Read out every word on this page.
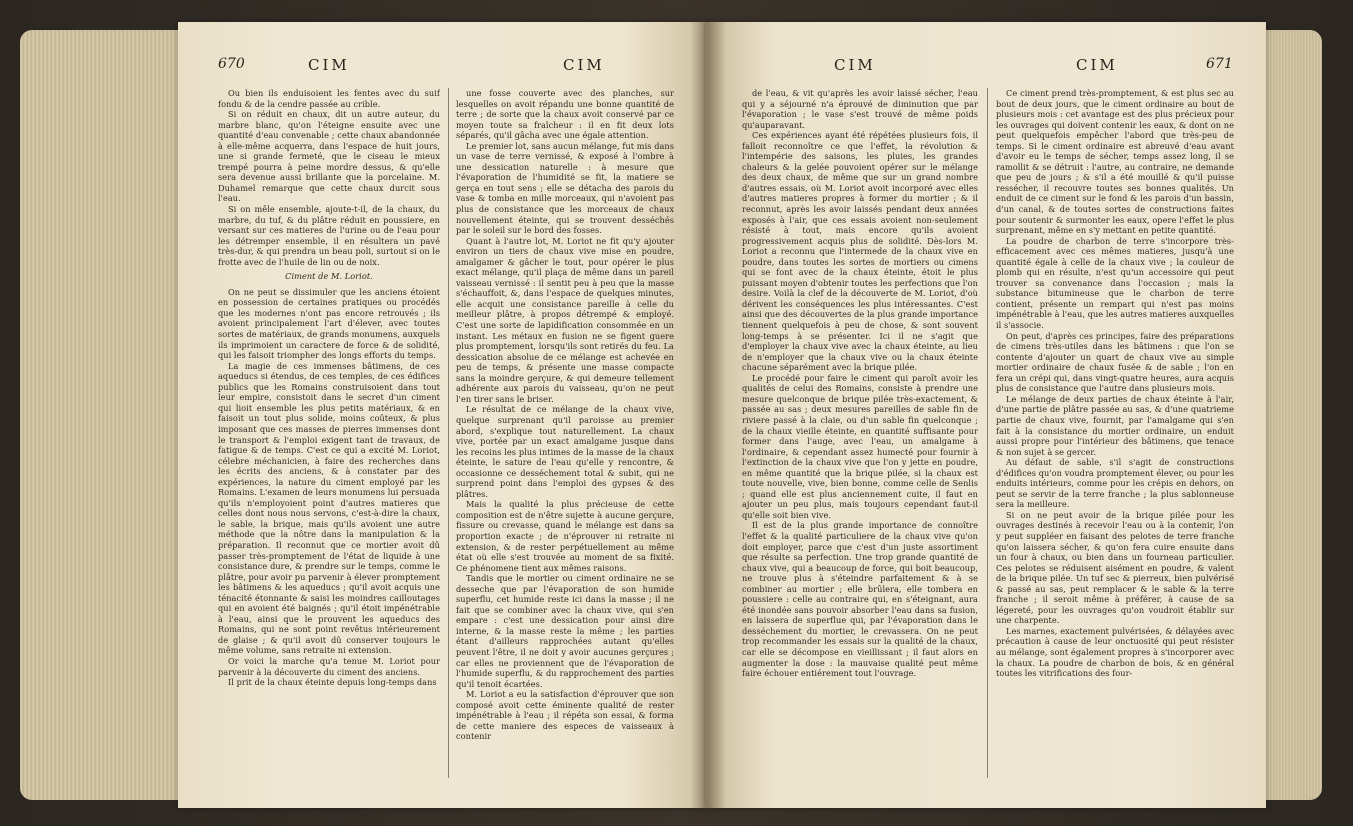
670	CIM	CIM

Ou bien ils enduisoient les fentes avec du suif fondu & de la cendre passée au crible.

Si on réduit en chaux, dit un autre auteur, du marbre blanc, qu'on l'éteigne ensuite avec une quantité d'eau convenable ; cette chaux abandonnée à elle-même acquerra, dans l'espace de huit jours, une si grande fermeté, que le ciseau le mieux trempé pourra à peine mordre dessus, & qu'elle sera devenue aussi brillante que la porcelaine. M. Duhamel remarque que cette chaux durcit sous l'eau.

Si on mêle ensemble, ajoute-t-il, de la chaux, du marbre, du tuf, & du plâtre réduit en poussiere, en versant sur ces matieres de l'urine ou de l'eau pour les détremper ensemble, il en résultera un pavé très-dur, & qui prendra un beau poli, surtout si on le frotte avec de l'huile de lin ou de noix.

Ciment de M. Loriot.

On ne peut se dissimuler que les anciens étoient en possession de certaines pratiques ou procédés que les modernes n'ont pas encore retrouvés ; ils avoient principalement l'art d'élever, avec toutes sortes de matériaux, de grands monumens, auxquels ils imprimoient un caractere de force & de solidité, qui les faisoit triompher des longs efforts du temps.

La magie de ces immenses bâtimens, de ces aqueducs si étendus, de ces temples, de ces édifices publics que les Romains construisoient dans tout leur empire, consistoit dans le secret d'un ciment qui lioit ensemble les plus petits matériaux, & en faisoit un tout plus solide, moins coûteux, & plus imposant que ces masses de pierres immenses dont le transport & l'emploi exigent tant de travaux, de fatigue & de temps. C'est ce qui a excité M. Loriot, célebre méchanicien, à faire des recherches dans les écrits des anciens, & à constater par des expériences, la nature du ciment employé par les Romains. L'examen de leurs monumens lui persuada qu'ils n'employoient point d'autres matieres que celles dont nous nous servons, c'est-à-dire la chaux, le sable, la brique, mais qu'ils avoient une autre méthode que la nôtre dans la manipulation & la préparation. Il reconnut que ce mortier avoit dû passer très-promptement de l'état de liquide à une consistance dure, & prendre sur le temps, comme le plâtre, pour avoir pu parvenir à élever promptement les bâtimens & les aqueducs ; qu'il avoit acquis une ténacité étonnante & saisi les moindres cailloutages qui en avoient été baignés ; qu'il étoit impénétrable à l'eau, ainsi que le prouvent les aqueducs des Romains, qui ne sont point revêtus intérieurement de glaise ; & qu'il avoit dû conserver toujours le même volume, sans retraite ni extension.

Or voici la marche qu'a tenue M. Loriot pour parvenir à la découverte du ciment des anciens.

Il prit de la chaux éteinte depuis long-temps dans

une fosse couverte avec des planches, sur lesquelles on avoit répandu une bonne quantité de terre ; de sorte que la chaux avoit conservé par ce moyen toute sa fraîcheur : il en fit deux lots séparés, qu'il gâcha avec une égale attention.

Le premier lot, sans aucun mélange, fut mis dans un vase de terre vernissé, & exposé à l'ombre à une dessication naturelle : à mesure que l'évaporation de l'humidité se fit, la matiere se gerça en tout sens ; elle se détacha des parois du vase & tomba en mille morceaux, qui n'avoient pas plus de consistance que les morceaux de chaux nouvellement éteinte, qui se trouvent desséchés par le soleil sur le bord des fosses.

Quant à l'autre lot, M. Loriot ne fit qu'y ajouter environ un tiers de chaux vive mise en poudre, amalgamer & gâcher le tout, pour opérer le plus exact mélange, qu'il plaça de même dans un pareil vaisseau vernissé : il sentit peu à peu que la masse s'échauffoit, &, dans l'espace de quelques minutes, elle acquit une consistance pareille à celle du meilleur plâtre, à propos détrempé & employé. C'est une sorte de lapidification consommée en un instant. Les métaux en fusion ne se figent guere plus promptement, lorsqu'ils sont retirés du feu. La dessication absolue de ce mélange est achevée en peu de temps, & présente une masse compacte sans la moindre gerçure, & qui demeure tellement adhérente aux parois du vaisseau, qu'on ne peut l'en tirer sans le briser.

Le résultat de ce mélange de la chaux vive, quelque surprenant qu'il paroisse au premier abord, s'explique tout naturellement. La chaux vive, portée par un exact amalgame jusque dans les recoins les plus intimes de la masse de la chaux éteinte, le sature de l'eau qu'elle y rencontre, & occasionne ce desséchement total & subit, qui ne surprend point dans l'emploi des gypses & des plâtres.

Mais la qualité la plus précieuse de cette composition est de n'être sujette à aucune gerçure, fissure ou crevasse, quand le mélange est dans sa proportion exacte ; de n'éprouver ni retraite ni extension, & de rester perpétuellement au même état où elle s'est trouvée au moment de sa fixité. Ce phénomene tient aux mêmes raisons.

Tandis que le mortier ou ciment ordinaire ne se desseche que par l'évaporation de son humide superflu, cet humide reste ici dans la masse ; il ne fait que se combiner avec la chaux vive, qui s'en empare : c'est une dessication pour ainsi dire interne, & la masse reste la même ; les parties étant d'ailleurs rapprochées autant qu'elles peuvent l'être, il ne doit y avoir aucunes gerçures ; car elles ne proviennent que de l'évaporation de l'humide superflu, & du rapprochement des parties qu'il tenoit écartées.

M. Loriot a eu la satisfaction d'éprouver que son composé avoit cette éminente qualité de rester impénétrable à l'eau ; il répéta son essai, & forma de cette maniere des especes de vaisseaux à contenir

CIM	CIM	671

de l'eau, & vit qu'après les avoir laissé sécher, l'eau qui y a séjourné n'a éprouvé de diminution que par l'évaporation ; le vase s'est trouvé de même poids qu'auparavant.

Ces expériences ayant été répétées plusieurs fois, il falloit reconnoître ce que l'effet, la révolution & l'intempérie des saisons, les pluies, les grandes chaleurs & la gelée pouvoient opérer sur le mélange des deux chaux, de même que sur un grand nombre d'autres essais, où M. Loriot avoit incorporé avec elles d'autres matieres propres à former du mortier ; & il reconnut, après les avoir laissés pendant deux années exposés à l'air, que ces essais avoient non-seulement résisté à tout, mais encore qu'ils avoient progressivement acquis plus de solidité. Dès-lors M. Loriot a reconnu que l'intermede de la chaux vive en poudre, dans toutes les sortes de mortiers ou cimens qui se font avec de la chaux éteinte, étoit le plus puissant moyen d'obtenir toutes les perfections que l'on desire. Voilà la clef de la découverte de M. Loriot, d'où dérivent les conséquences les plus intéressantes. C'est ainsi que des découvertes de la plus grande importance tiennent quelquefois à peu de chose, & sont souvent long-temps à se présenter. Ici il ne s'agit que d'employer la chaux vive avec la chaux éteinte, au lieu de n'employer que la chaux vive ou la chaux éteinte chacune séparément avec la brique pilée.

Le procédé pour faire le ciment qui paroît avoir les qualités de celui des Romains, consiste à prendre une mesure quelconque de brique pilée très-exactement, & passée au sas ; deux mesures pareilles de sable fin de riviere passé à la claie, ou d'un sable fin quelconque ; de la chaux vieille éteinte, en quantité suffisante pour former dans l'auge, avec l'eau, un amalgame à l'ordinaire, & cependant assez humecté pour fournir à l'extinction de la chaux vive que l'on y jette en poudre, en même quantité que la brique pilée, si la chaux est toute nouvelle, vive, bien bonne, comme celle de Senlis ; quand elle est plus anciennement cuite, il faut en ajouter un peu plus, mais toujours cependant faut-il qu'elle soit bien vive.

Il est de la plus grande importance de connoître l'effet & la qualité particuliere de la chaux vive qu'on doit employer, parce que c'est d'un juste assortiment que résulte sa perfection. Une trop grande quantité de chaux vive, qui a beaucoup de force, qui boit beaucoup, ne trouve plus à s'éteindre parfaitement & à se combiner au mortier ; elle brûlera, elle tombera en poussiere : celle au contraire qui, en s'éteignant, aura été inondée sans pouvoir absorber l'eau dans sa fusion, en laissera de superflue qui, par l'évaporation dans le desséchement du mortier, le crevassera. On ne peut trop recommander les essais sur la qualité de la chaux, car elle se décompose en vieillissant ; il faut alors en augmenter la dose : la mauvaise qualité peut même faire échouer entiérement tout l'ouvrage.

Ce ciment prend très-promptement, & est plus sec au bout de deux jours, que le ciment ordinaire au bout de plusieurs mois : cet avantage est des plus précieux pour les ouvrages qui doivent contenir les eaux, & dont on ne peut quelquefois empêcher l'abord que très-peu de temps. Si le ciment ordinaire est abreuvé d'eau avant d'avoir eu le temps de sécher, temps assez long, il se ramollit & se détruit : l'autre, au contraire, ne demande que peu de jours ; & s'il a été mouillé & qu'il puisse ressécher, il recouvre toutes ses bonnes qualités. Un enduit de ce ciment sur le fond & les parois d'un bassin, d'un canal, & de toutes sortes de constructions faites pour soutenir & surmonter les eaux, opere l'effet le plus surprenant, même en s'y mettant en petite quantité.

La poudre de charbon de terre s'incorpore très-efficacement avec ces mêmes matieres, jusqu'à une quantité égale à celle de la chaux vive ; la couleur de plomb qui en résulte, n'est qu'un accessoire qui peut trouver sa convenance dans l'occasion ; mais la substance bitumineuse que le charbon de terre contient, présente un rempart qui n'est pas moins impénétrable à l'eau, que les autres matieres auxquelles il s'associe.

On peut, d'après ces principes, faire des préparations de cimens très-utiles dans les bâtimens : que l'on se contente d'ajouter un quart de chaux vive au simple mortier ordinaire de chaux fusée & de sable ; l'on en fera un crépi qui, dans vingt-quatre heures, aura acquis plus de consistance que l'autre dans plusieurs mois.

Le mélange de deux parties de chaux éteinte à l'air, d'une partie de plâtre passée au sas, & d'une quatrieme partie de chaux vive, fournit, par l'amalgame qui s'en fait à la consistance du mortier ordinaire, un enduit aussi propre pour l'intérieur des bâtimens, que tenace & non sujet à se gercer.

Au défaut de sable, s'il s'agit de constructions d'édifices qu'on voudra promptement élever, ou pour les enduits intérieurs, comme pour les crépis en dehors, on peut se servir de la terre franche ; la plus sablonneuse sera la meilleure.

Si on ne peut avoir de la brique pilée pour les ouvrages destinés à recevoir l'eau ou à la contenir, l'on y peut suppléer en faisant des pelotes de terre franche qu'on laissera sécher, & qu'on fera cuire ensuite dans un four à chaux, ou bien dans un fourneau particulier. Ces pelotes se réduisent aisément en poudre, & valent de la brique pilée. Un tuf sec & pierreux, bien pulvérisé & passé au sas, peut remplacer & le sable & la terre franche ; il seroit même à préférer, à cause de sa légereté, pour les ouvrages qu'on voudroit établir sur une charpente.

Les marnes, exactement pulvérisées, & délayées avec précaution à cause de leur onctuosité qui peut résister au mélange, sont également propres à s'incorporer avec la chaux. La poudre de charbon de bois, & en général toutes les vitrifications des four-
